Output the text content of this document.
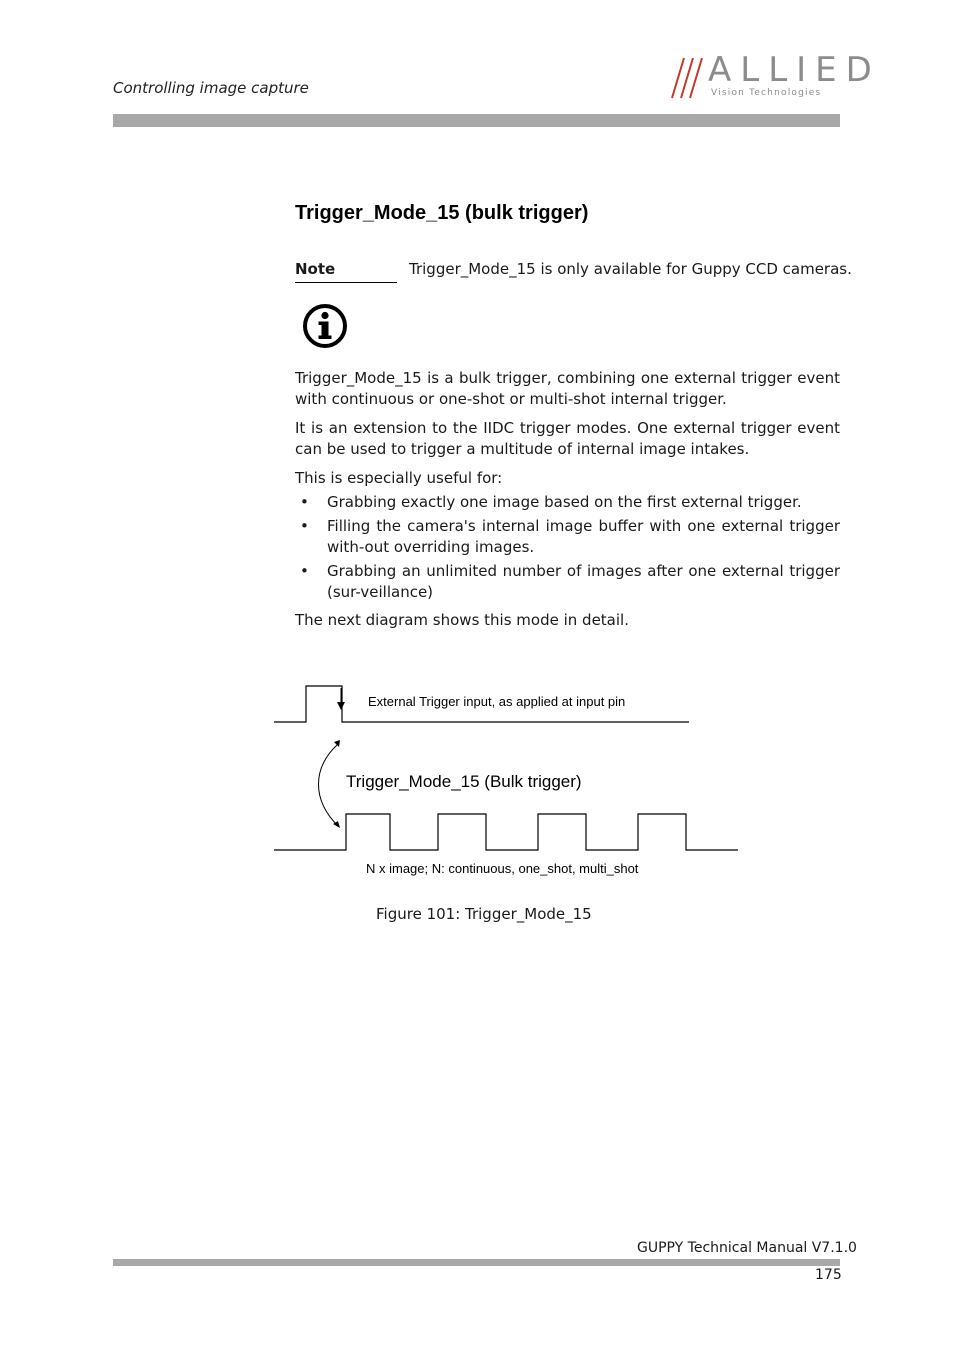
Controlling image capture	ALLIED
Vision Technologies
Trigger_Mode_15 (bulk trigger)
Note	Trigger_Mode_15 is only available for Guppy CCD cameras.
Trigger_Mode_15 is a bulk trigger, combining one external trigger event with continuous or one-shot or multi-shot internal trigger.
It is an extension to the IIDC trigger modes. One external trigger event can be used to trigger a multitude of internal image intakes.
This is especially useful for:
• Grabbing exactly one image based on the first external trigger.
• Filling the camera's internal image buffer with one external trigger with-out overriding images.
• Grabbing an unlimited number of images after one external trigger (sur-veillance)
The next diagram shows this mode in detail.
External Trigger input, as applied at input pin
Trigger_Mode_15 (Bulk trigger)
N x image; N: continuous, one_shot, multi_shot
Figure 101: Trigger_Mode_15
GUPPY Technical Manual V7.1.0
175
